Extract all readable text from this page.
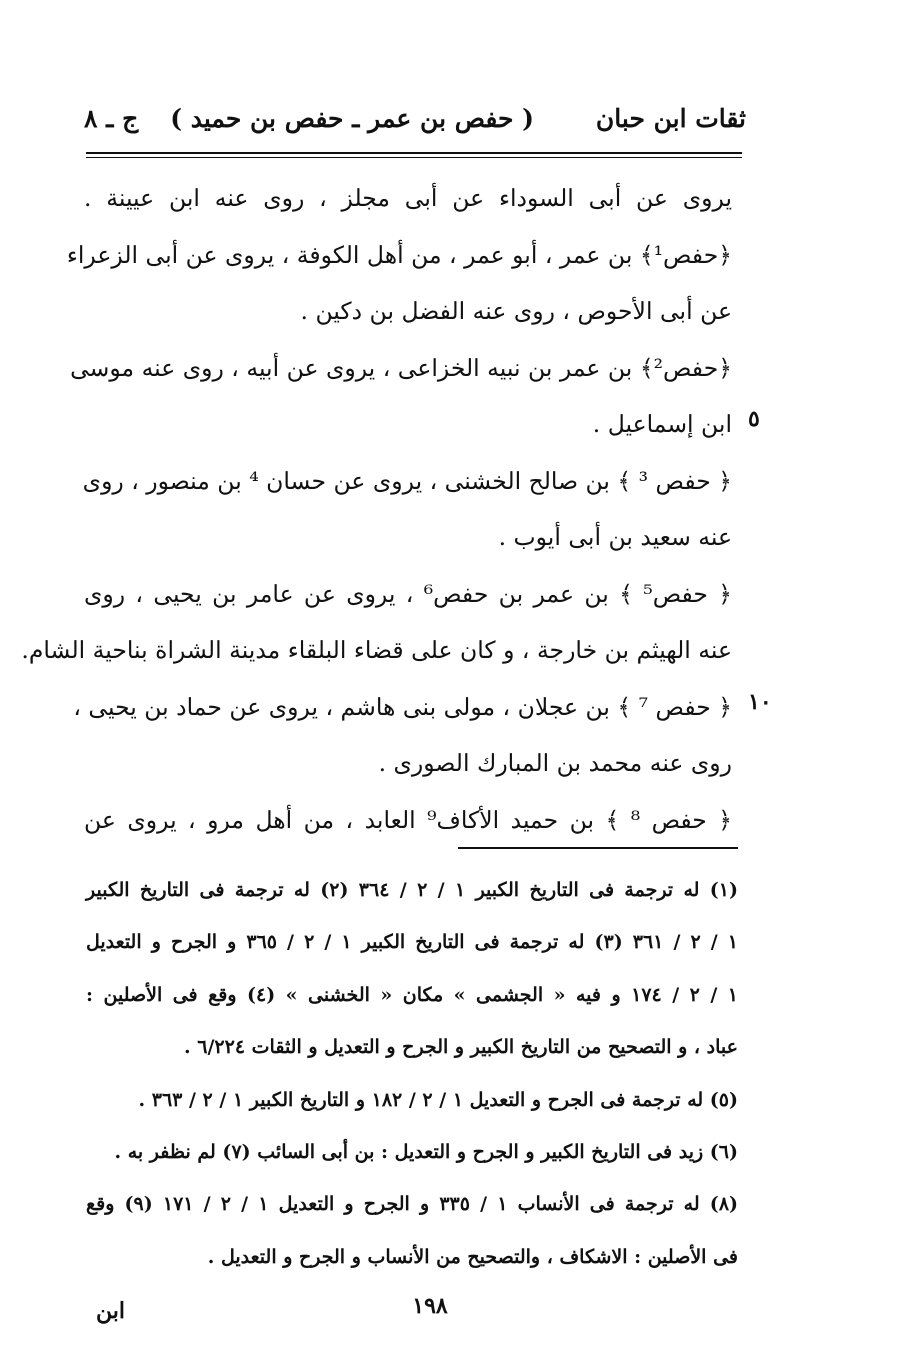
ثقات ابن حبان
( حفص بن عمر ـ حفص بن حميد )
ج ـ ٨
يروى عن أبى السوداء عن أبى مجلز ، روى عنه ابن عيينة .
﴿حفص¹﴾ بن عمر ، أبو عمر ، من أهل الكوفة ، يروى عن أبى الزعراء
عن أبى الأحوص ، روى عنه الفضل بن دكين .
﴿حفص²﴾ بن عمر بن نبيه الخزاعى ، يروى عن أبيه ، روى عنه موسى
ابن إسماعيل .
﴿ حفص ³ ﴾ بن صالح الخشنى ، يروى عن حسان ⁴ بن منصور ، روى
عنه سعيد بن أبى أيوب .
﴿ حفص⁵ ﴾ بن عمر بن حفص⁶ ، يروى عن عامر بن يحيى ، روى
عنه الهيثم بن خارجة ، و كان على قضاء البلقاء مدينة الشراة بناحية الشام.
﴿ حفص ⁷ ﴾ بن عجلان ، مولى بنى هاشم ، يروى عن حماد بن يحيى ،
روى عنه محمد بن المبارك الصورى .
﴿ حفص ⁸ ﴾ بن حميد الأكاف⁹ العابد ، من أهل مرو ، يروى عن
٥
١٠
(١) له ترجمة فى التاريخ الكبير ١ / ٢ / ٣٦٤ (٢) له ترجمة فى التاريخ الكبير
١ / ٢ / ٣٦١ (٣) له ترجمة فى التاريخ الكبير ١ / ٢ / ٣٦٥ و الجرح و التعديل
١ / ٢ / ١٧٤ و فيه « الجشمى » مكان « الخشنى » (٤) وقع فى الأصلين :
عباد ، و التصحيح من التاريخ الكبير و الجرح و التعديل و الثقات ٦/٢٢٤ .
(٥) له ترجمة فى الجرح و التعديل ١ / ٢ / ١٨٢ و التاريخ الكبير ١ / ٢ / ٣٦٣ .
(٦) زيد فى التاريخ الكبير و الجرح و التعديل : بن أبى السائب (٧) لم نظفر به .
(٨) له ترجمة فى الأنساب ١ / ٣٣٥ و الجرح و التعديل ١ / ٢ / ١٧١ (٩) وقع
فى الأصلين : الاشكاف ، والتصحيح من الأنساب و الجرح و التعديل .
١٩٨
ابن
